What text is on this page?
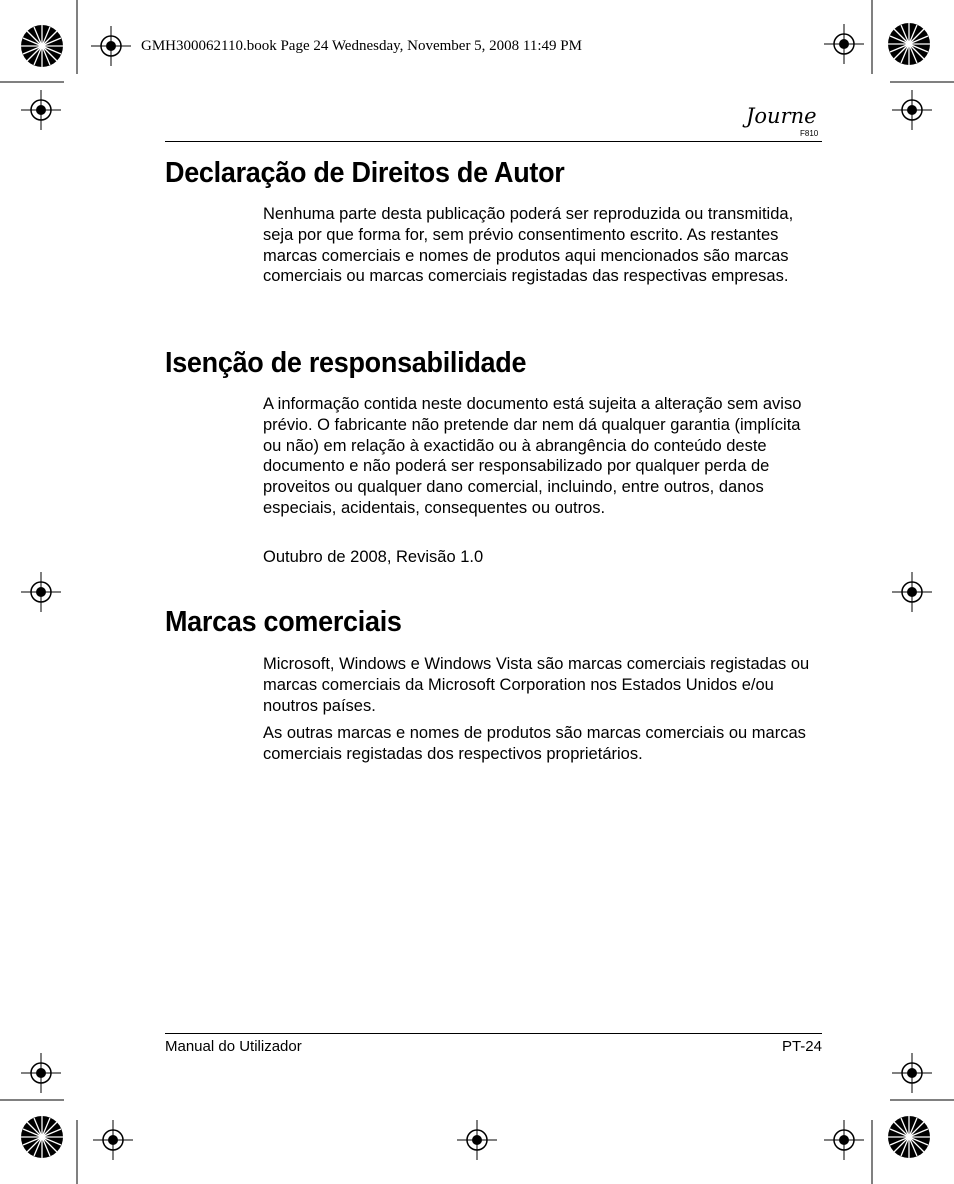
GMH300062110.book Page 24 Wednesday, November 5, 2008 11:49 PM
Journe
F810
Declaração de Direitos de Autor

Nenhuma parte desta publicação poderá ser reproduzida ou transmitida, seja por que forma for, sem prévio consentimento escrito. As restantes marcas comerciais e nomes de produtos aqui mencionados são marcas comerciais ou marcas comerciais registadas das respectivas empresas.

Isenção de responsabilidade

A informação contida neste documento está sujeita a alteração sem aviso prévio. O fabricante não pretende dar nem dá qualquer garantia (implícita ou não) em relação à exactidão ou à abrangência do conteúdo deste documento e não poderá ser responsabilizado por qualquer perda de proveitos ou qualquer dano comercial, incluindo, entre outros, danos especiais, acidentais, consequentes ou outros.

Outubro de 2008, Revisão 1.0

Marcas comerciais

Microsoft, Windows e Windows Vista são marcas comerciais registadas ou marcas comerciais da Microsoft Corporation nos Estados Unidos e/ou noutros países.

As outras marcas e nomes de produtos são marcas comerciais ou marcas comerciais registadas dos respectivos proprietários.

Manual do Utilizador	PT-24
